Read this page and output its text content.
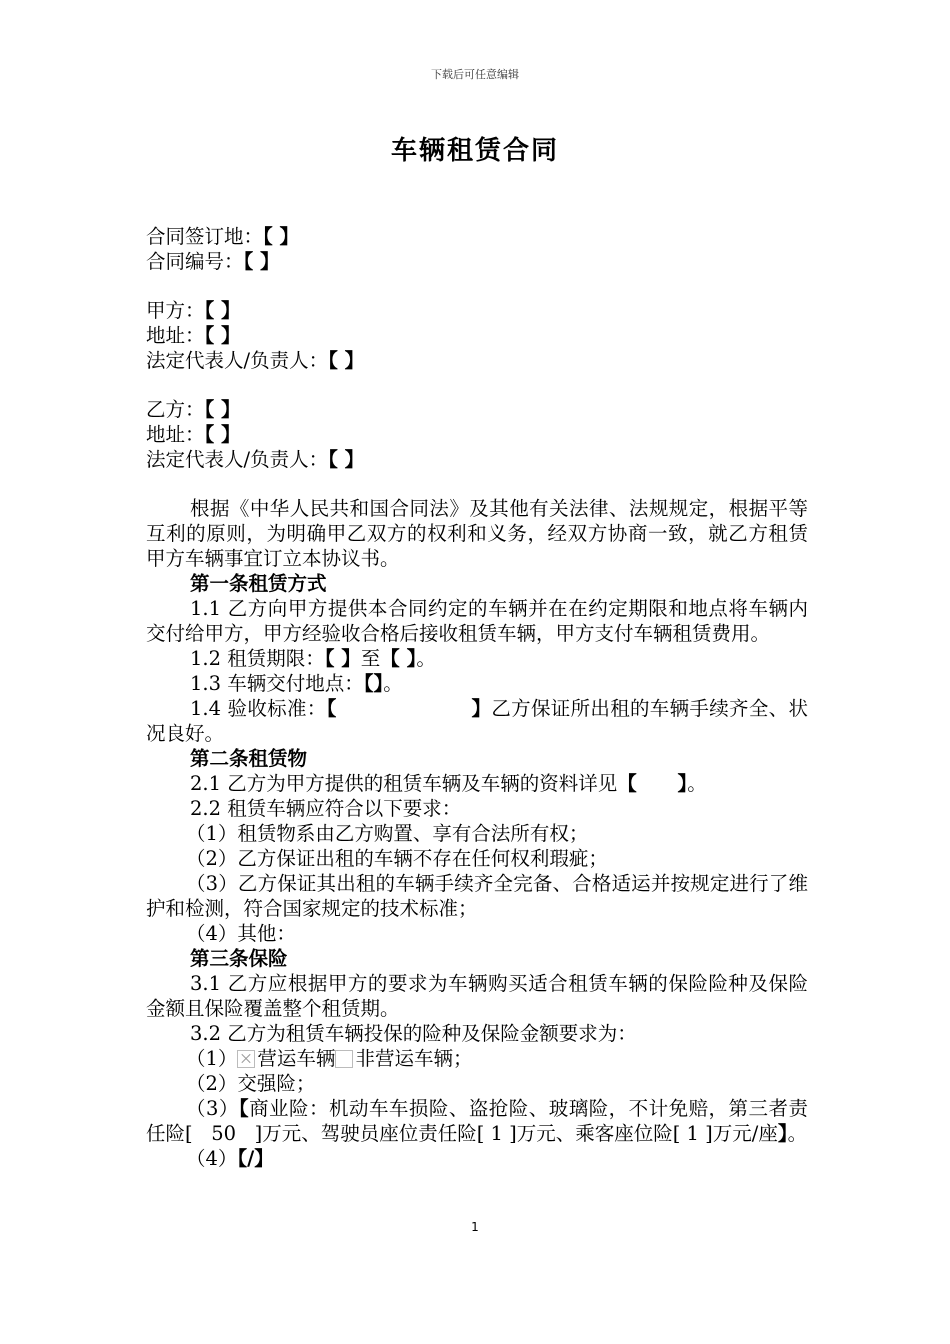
下载后可任意编辑
车辆租赁合同
合同签订地：【 】
合同编号：【 】
甲方：【 】
地址：【 】
法定代表人/负责人：【 】
乙方：【 】
地址：【 】
法定代表人/负责人：【 】
根据《中华人民共和国合同法》及其他有关法律、法规规定，根据平等互利的原则，为明确甲乙双方的权利和义务，经双方协商一致，就乙方租赁甲方车辆事宜订立本协议书。
第一条租赁方式
1.1 乙方向甲方提供本合同约定的车辆并在在约定期限和地点将车辆内交付给甲方，甲方经验收合格后接收租赁车辆，甲方支付车辆租赁费用。
1.2 租赁期限：【 】至【 】。
1.3 车辆交付地点：【】。
1.4 验收标准：【                   】乙方保证所出租的车辆手续齐全、状况良好。
第二条租赁物
2.1 乙方为甲方提供的租赁车辆及车辆的资料详见【      】。
2.2 租赁车辆应符合以下要求：
（1）租赁物系由乙方购置、享有合法所有权；
（2）乙方保证出租的车辆不存在任何权利瑕疵；
（3）乙方保证其出租的车辆手续齐全完备、合格适运并按规定进行了维护和检测，符合国家规定的技术标准；
（4）其他：
第三条保险
3.1 乙方应根据甲方的要求为车辆购买适合租赁车辆的保险险种及保险金额且保险覆盖整个租赁期。
3.2 乙方为租赁车辆投保的险种及保险金额要求为：
（1） 营运车辆 非营运车辆；
（2）交强险；
（3）【商业险：机动车车损险、盗抢险、玻璃险，不计免赔，第三者责任险[   50   ]万元、驾驶员座位责任险[ 1 ]万元、乘客座位险[ 1 ]万元/座】。
（4）【/】
1
